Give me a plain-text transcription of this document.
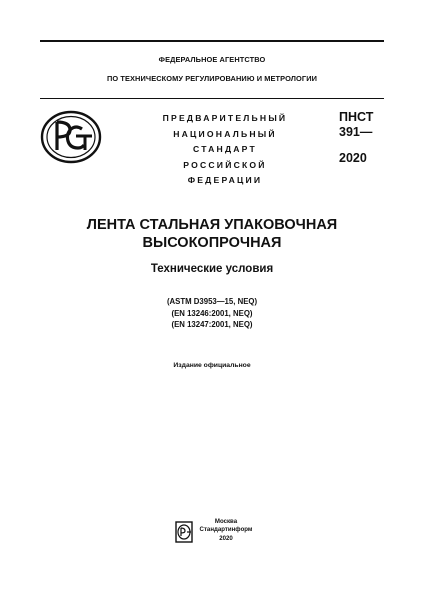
ФЕДЕРАЛЬНОЕ АГЕНТСТВО
ПО ТЕХНИЧЕСКОМУ РЕГУЛИРОВАНИЮ И МЕТРОЛОГИИ
ПРЕДВАРИТЕЛЬНЫЙ
НАЦИОНАЛЬНЫЙ
СТАНДАРТ
РОССИЙСКОЙ
ФЕДЕРАЦИИ
ПНСТ
391—
2020
ЛЕНТА СТАЛЬНАЯ УПАКОВОЧНАЯ
ВЫСОКОПРОЧНАЯ
Технические условия
(ASTM D3953—15, NEQ)
(EN 13246:2001, NEQ)
(EN 13247:2001, NEQ)
Издание официальное
Москва
Стандартинформ
2020
